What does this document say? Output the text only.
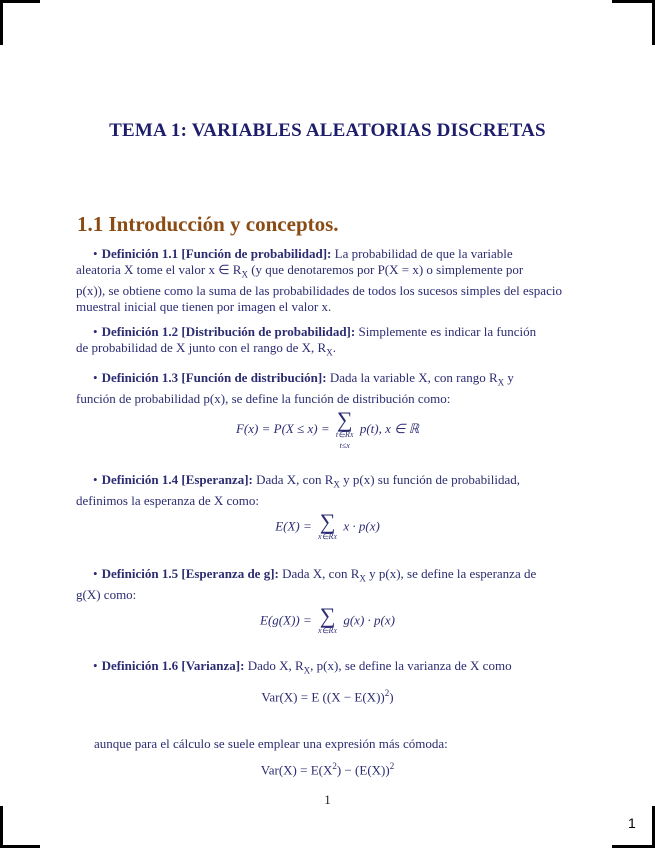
TEMA 1: VARIABLES ALEATORIAS DISCRETAS
1.1 Introducción y conceptos.
• Definición 1.1 [Función de probabilidad]: La probabilidad de que la variable
aleatoria X tome el valor x ∈ $R_X$ (y que denotaremos por P(X = x) o simplemente por
p(x)), se obtiene como la suma de las probabilidades de todos los sucesos simples del espacio
muestral inicial que tienen por imagen el valor x.
• Definición 1.2 [Distribución de probabilidad]: Simplemente es indicar la función
de probabilidad de X junto con el rango de X, $R_X$.
• Definición 1.3 [Función de distribución]: Dada la variable X, con rango $R_X$ y
función de probabilidad p(x), se define la función de distribución como:
F(x) = P(X ≤ x) = ∑
t∈RX
t≤x
p(t), x ∈ ℝ
• Definición 1.4 [Esperanza]: Dada X, con $R_X$ y p(x) su función de probabilidad,
definimos la esperanza de X como:
E(X) = ∑
x∈RX
x · p(x)
• Definición 1.5 [Esperanza de g]: Dada X, con $R_X$ y p(x), se define la esperanza de
g(X) como:
E(g(X)) = ∑
x∈RX
g(x) · p(x)
• Definición 1.6 [Varianza]: Dado X, $R_X$, p(x), se define la varianza de X como
Var(X) = E $((X - E(X))^2)$
aunque para el cálculo se suele emplear una expresión más cómoda:
$Var(X) = E(X^2) - (E(X))^2$
1
1
